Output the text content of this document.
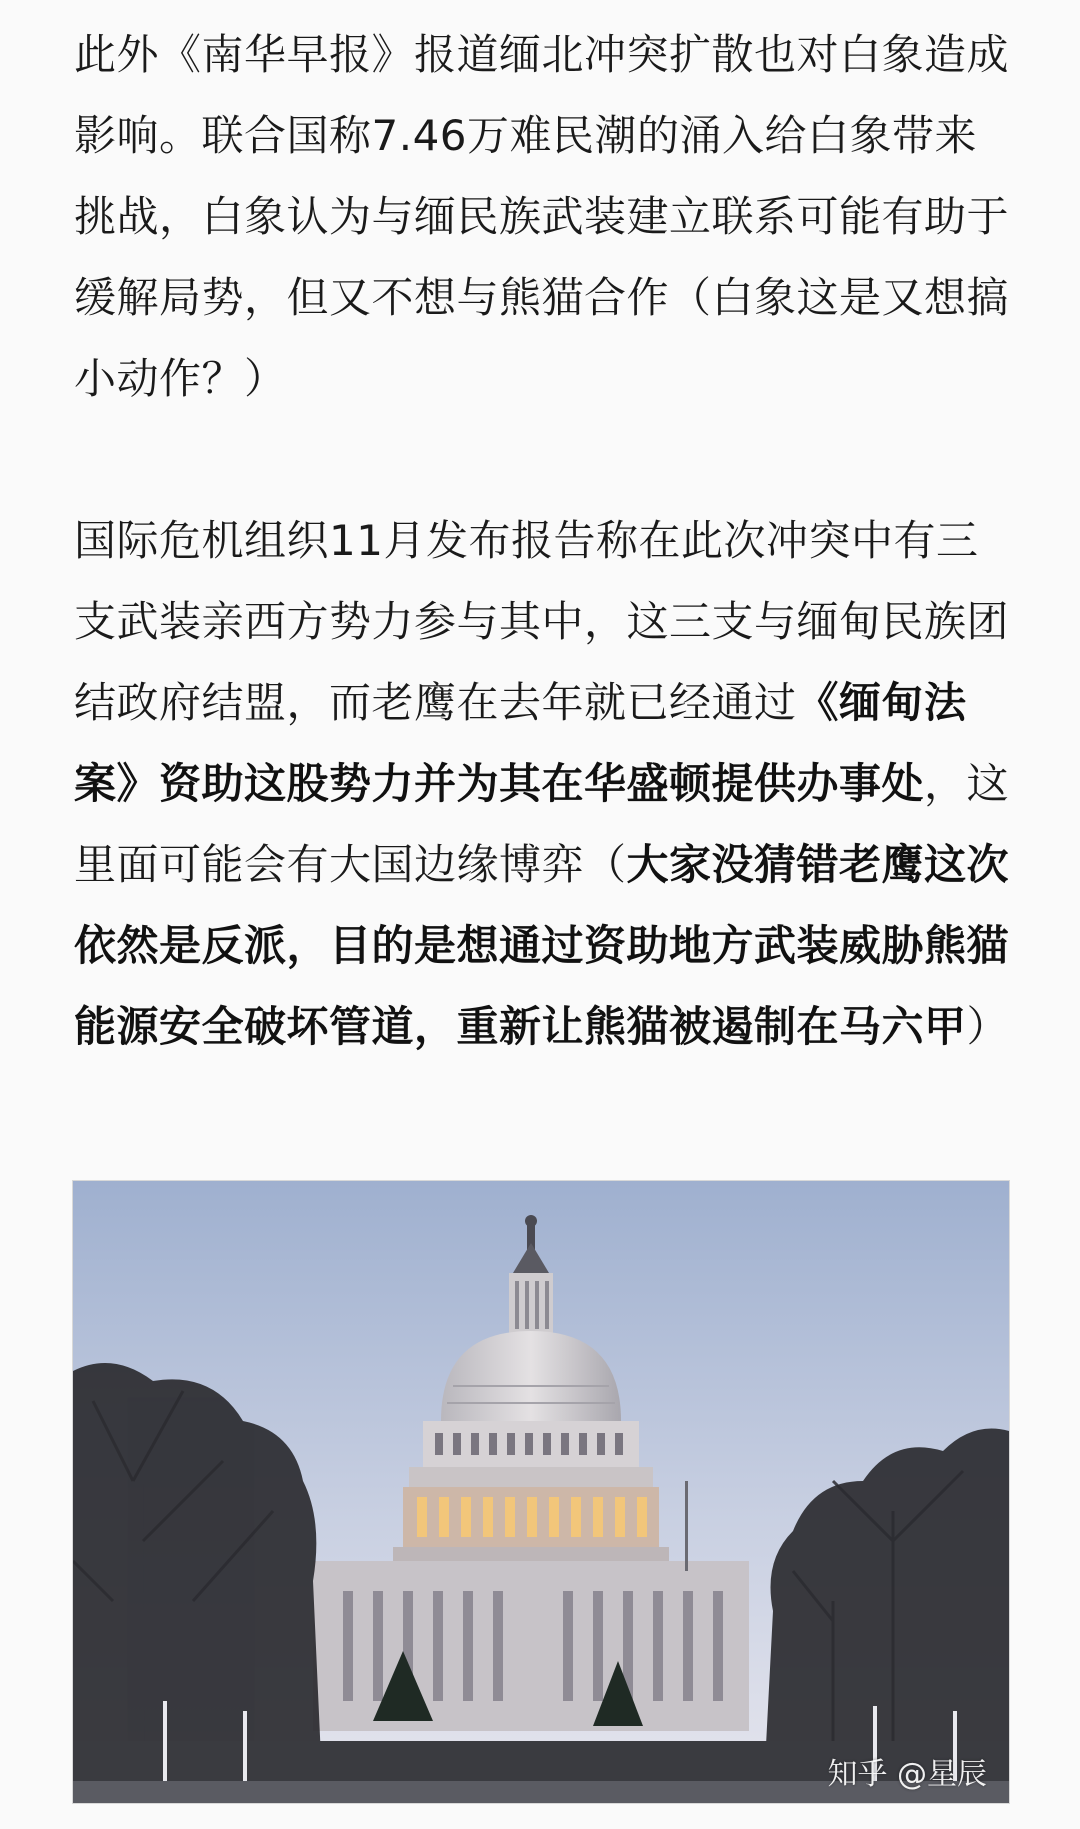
此外《南华早报》报道缅北冲突扩散也对白象造成影响。联合国称7.46万难民潮的涌入给白象带来挑战，白象认为与缅民族武装建立联系可能有助于缓解局势，但又不想与熊猫合作（白象这是又想搞小动作？）

国际危机组织11月发布报告称在此次冲突中有三支武装亲西方势力参与其中，这三支与缅甸民族团结政府结盟，而老鹰在去年就已经通过《缅甸法案》资助这股势力并为其在华盛顿提供办事处，这里面可能会有大国边缘博弈（大家没猜错老鹰这次依然是反派，目的是想通过资助地方武装威胁熊猫能源安全破坏管道，重新让熊猫被遏制在马六甲）

知乎 @星辰
